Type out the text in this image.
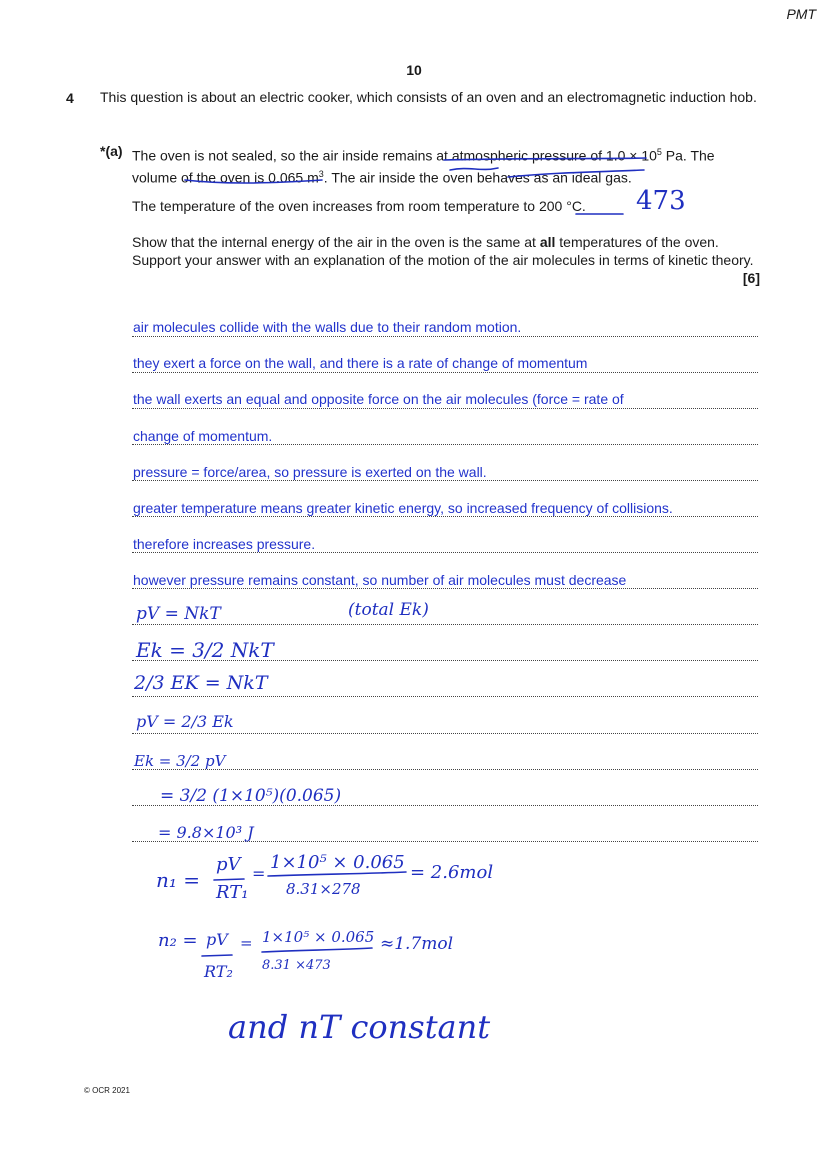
PMT
10
4 This question is about an electric cooker, which consists of an oven and an electromagnetic induction hob.
*(a) The oven is not sealed, so the air inside remains at atmospheric pressure of $1.0 \times 10^5$ Pa. The volume of the oven is 0.065 $m^3$. The air inside the oven behaves as an ideal gas.
The temperature of the oven increases from room temperature to 200 °C.	473
Show that the internal energy of the air in the oven is the same at all temperatures of the oven. Support your answer with an explanation of the motion of the air molecules in terms of kinetic theory.
[6]
air molecules collide with the walls due to their random motion.
they exert a force on the wall, and there is a rate of change of momentum
the wall exerts an equal and opposite force on the air molecules (force = rate of
change of momentum.
pressure = force/area, so pressure is exerted on the wall.
greater temperature means greater kinetic energy, so increased frequency of collisions.
therefore increases pressure.
however pressure remains constant, so number of air molecules must decrease
pV = NkT	(total Ek)
Ek = 3/2 NkT
2/3 EK = NkT
pV = 2/3 Ek
Ek = 3/2 pV
= 3/2 (1×10⁵)(0.065)
= 9.8×10³ J
n₁ =
pV
RT₁
=
1×10⁵ × 0.065
8.31×278
= 2.6mol
n₂ = pV
RT₂
= 1×10⁵ × 0.065
8.31 ×473
≈1.7mol
and nT constant
© OCR 2021
